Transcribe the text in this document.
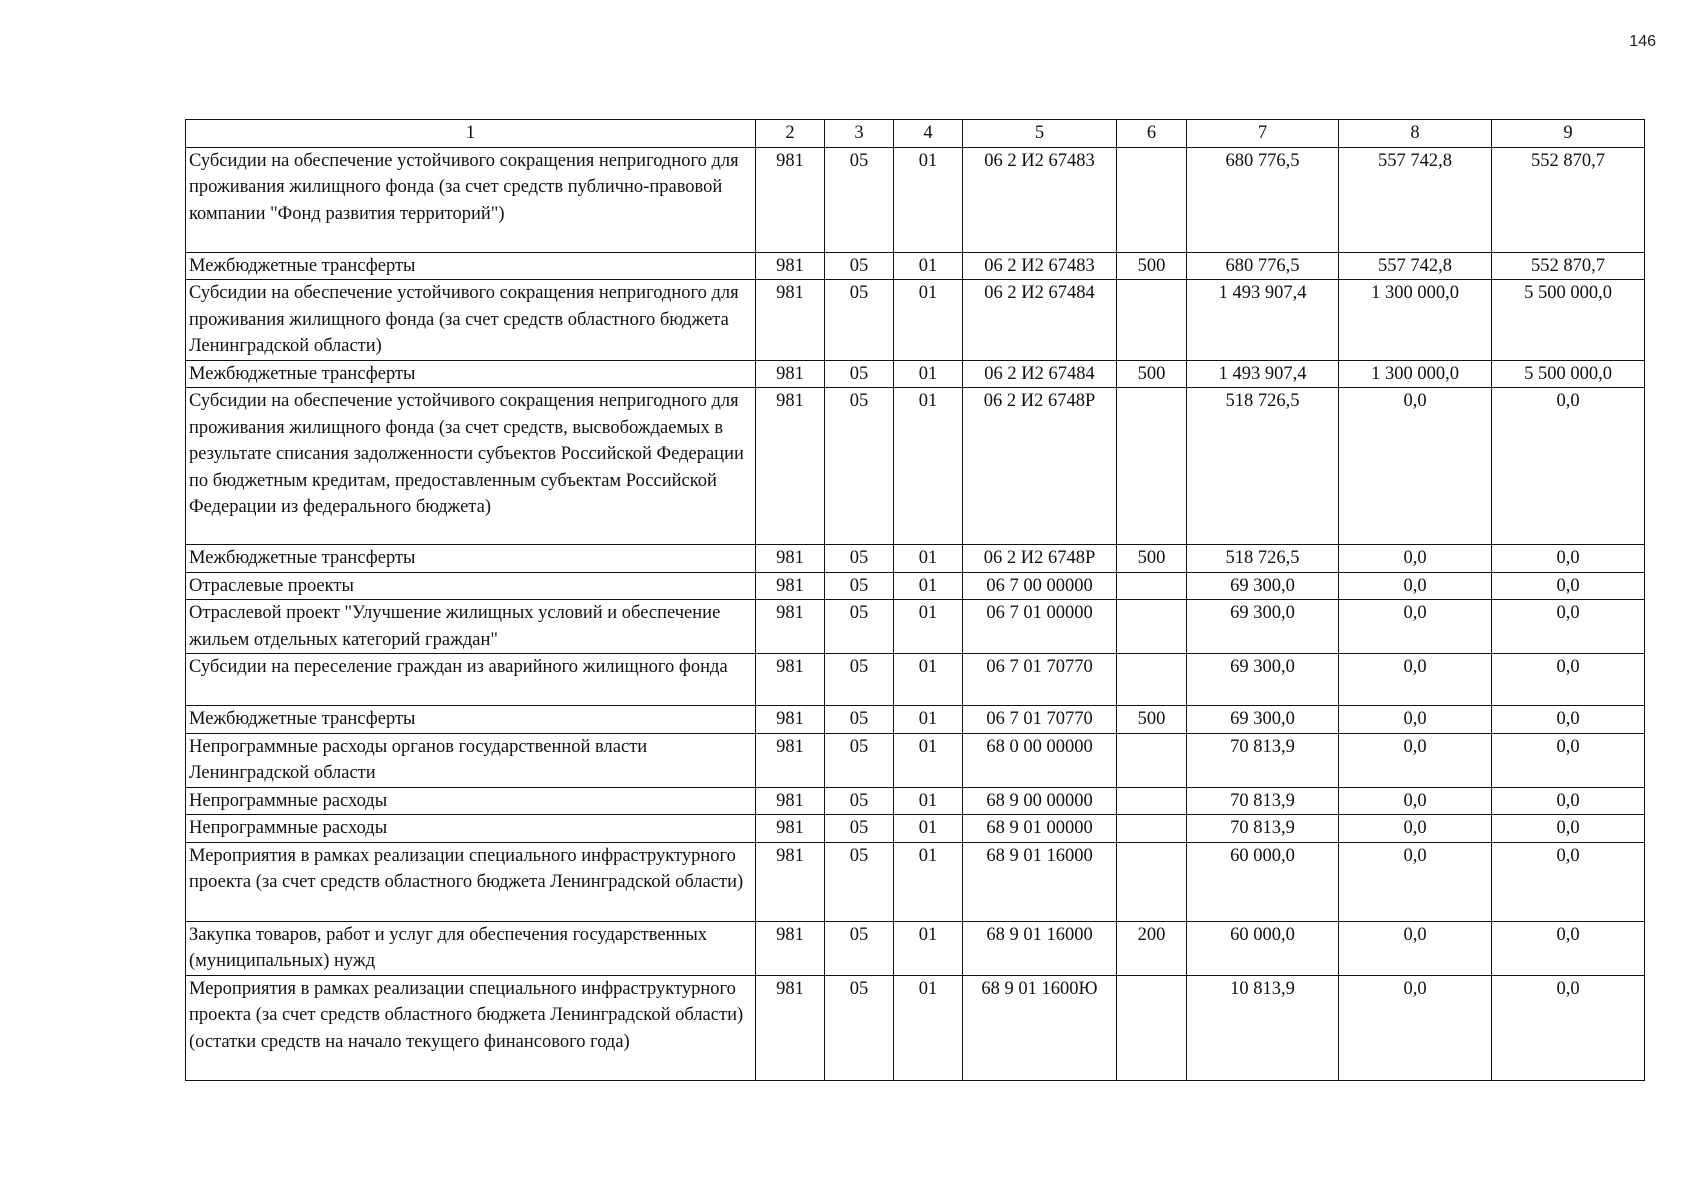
146
1	2	3	4	5	6	7	8	9
Субсидии на обеспечение устойчивого сокращения непригодного для проживания жилищного фонда (за счет средств публично-правовой компании "Фонд развития территорий")	981	05	01	06 2 И2 67483		680 776,5	557 742,8	552 870,7
Межбюджетные трансферты	981	05	01	06 2 И2 67483	500	680 776,5	557 742,8	552 870,7
Субсидии на обеспечение устойчивого сокращения непригодного для проживания жилищного фонда (за счет средств областного бюджета Ленинградской области)	981	05	01	06 2 И2 67484		1 493 907,4	1 300 000,0	5 500 000,0
Межбюджетные трансферты	981	05	01	06 2 И2 67484	500	1 493 907,4	1 300 000,0	5 500 000,0
Субсидии на обеспечение устойчивого сокращения непригодного для проживания жилищного фонда (за счет средств, высвобождаемых в результате списания задолженности субъектов Российской Федерации по бюджетным кредитам, предоставленным субъектам Российской Федерации из федерального бюджета)	981	05	01	06 2 И2 6748Р		518 726,5	0,0	0,0
Межбюджетные трансферты	981	05	01	06 2 И2 6748Р	500	518 726,5	0,0	0,0
Отраслевые проекты	981	05	01	06 7 00 00000		69 300,0	0,0	0,0
Отраслевой проект "Улучшение жилищных условий и обеспечение жильем отдельных категорий граждан"	981	05	01	06 7 01 00000		69 300,0	0,0	0,0
Субсидии на переселение граждан из аварийного жилищного фонда	981	05	01	06 7 01 70770		69 300,0	0,0	0,0
Межбюджетные трансферты	981	05	01	06 7 01 70770	500	69 300,0	0,0	0,0
Непрограммные расходы органов государственной власти Ленинградской области	981	05	01	68 0 00 00000		70 813,9	0,0	0,0
Непрограммные расходы	981	05	01	68 9 00 00000		70 813,9	0,0	0,0
Непрограммные расходы	981	05	01	68 9 01 00000		70 813,9	0,0	0,0
Мероприятия в рамках реализации специального инфраструктурного проекта (за счет средств областного бюджета Ленинградской области)	981	05	01	68 9 01 16000		60 000,0	0,0	0,0
Закупка товаров, работ и услуг для обеспечения государственных (муниципальных) нужд	981	05	01	68 9 01 16000	200	60 000,0	0,0	0,0
Мероприятия в рамках реализации специального инфраструктурного проекта (за счет средств областного бюджета Ленинградской области) (остатки средств на начало текущего финансового года)	981	05	01	68 9 01 1600Ю		10 813,9	0,0	0,0
